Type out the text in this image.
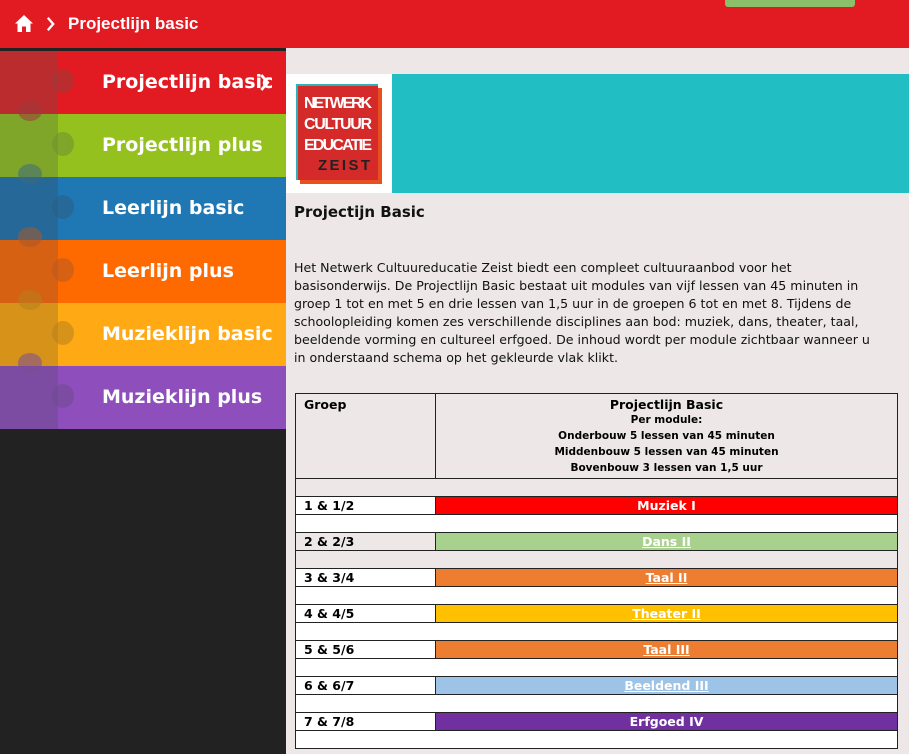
Projectlijn basic
Projectlijn basic
Projectlijn plus
Leerlijn basic
Leerlijn plus
Muzieklijn basic
Muzieklijn plus
NETWERK
CULTUUR
EDUCATIE
ZEIST
Projectijn Basic
Het Netwerk Cultuureducatie Zeist biedt een compleet cultuuraanbod voor het basisonderwijs. De Projectlijn Basic bestaat uit modules van vijf lessen van 45 minuten in groep 1 tot en met 5 en drie lessen van 1,5 uur in de groepen 6 tot en met 8. Tijdens de schoolopleiding komen zes verschillende disciplines aan bod: muziek, dans, theater, taal, beeldende vorming en cultureel erfgoed. De inhoud wordt per module zichtbaar wanneer u in onderstaand schema op het gekleurde vlak klikt.
Groep	Projectlijn Basic
Per module:
Onderbouw 5 lessen van 45 minuten
Middenbouw 5 lessen van 45 minuten
Bovenbouw 3 lessen van 1,5 uur

1 & 1/2	Muziek I

2 & 2/3	Dans II

3 & 3/4	Taal II

4 & 4/5	Theater II

5 & 5/6	Taal III

6 & 6/7	Beeldend III

7 & 7/8	Erfgoed IV
